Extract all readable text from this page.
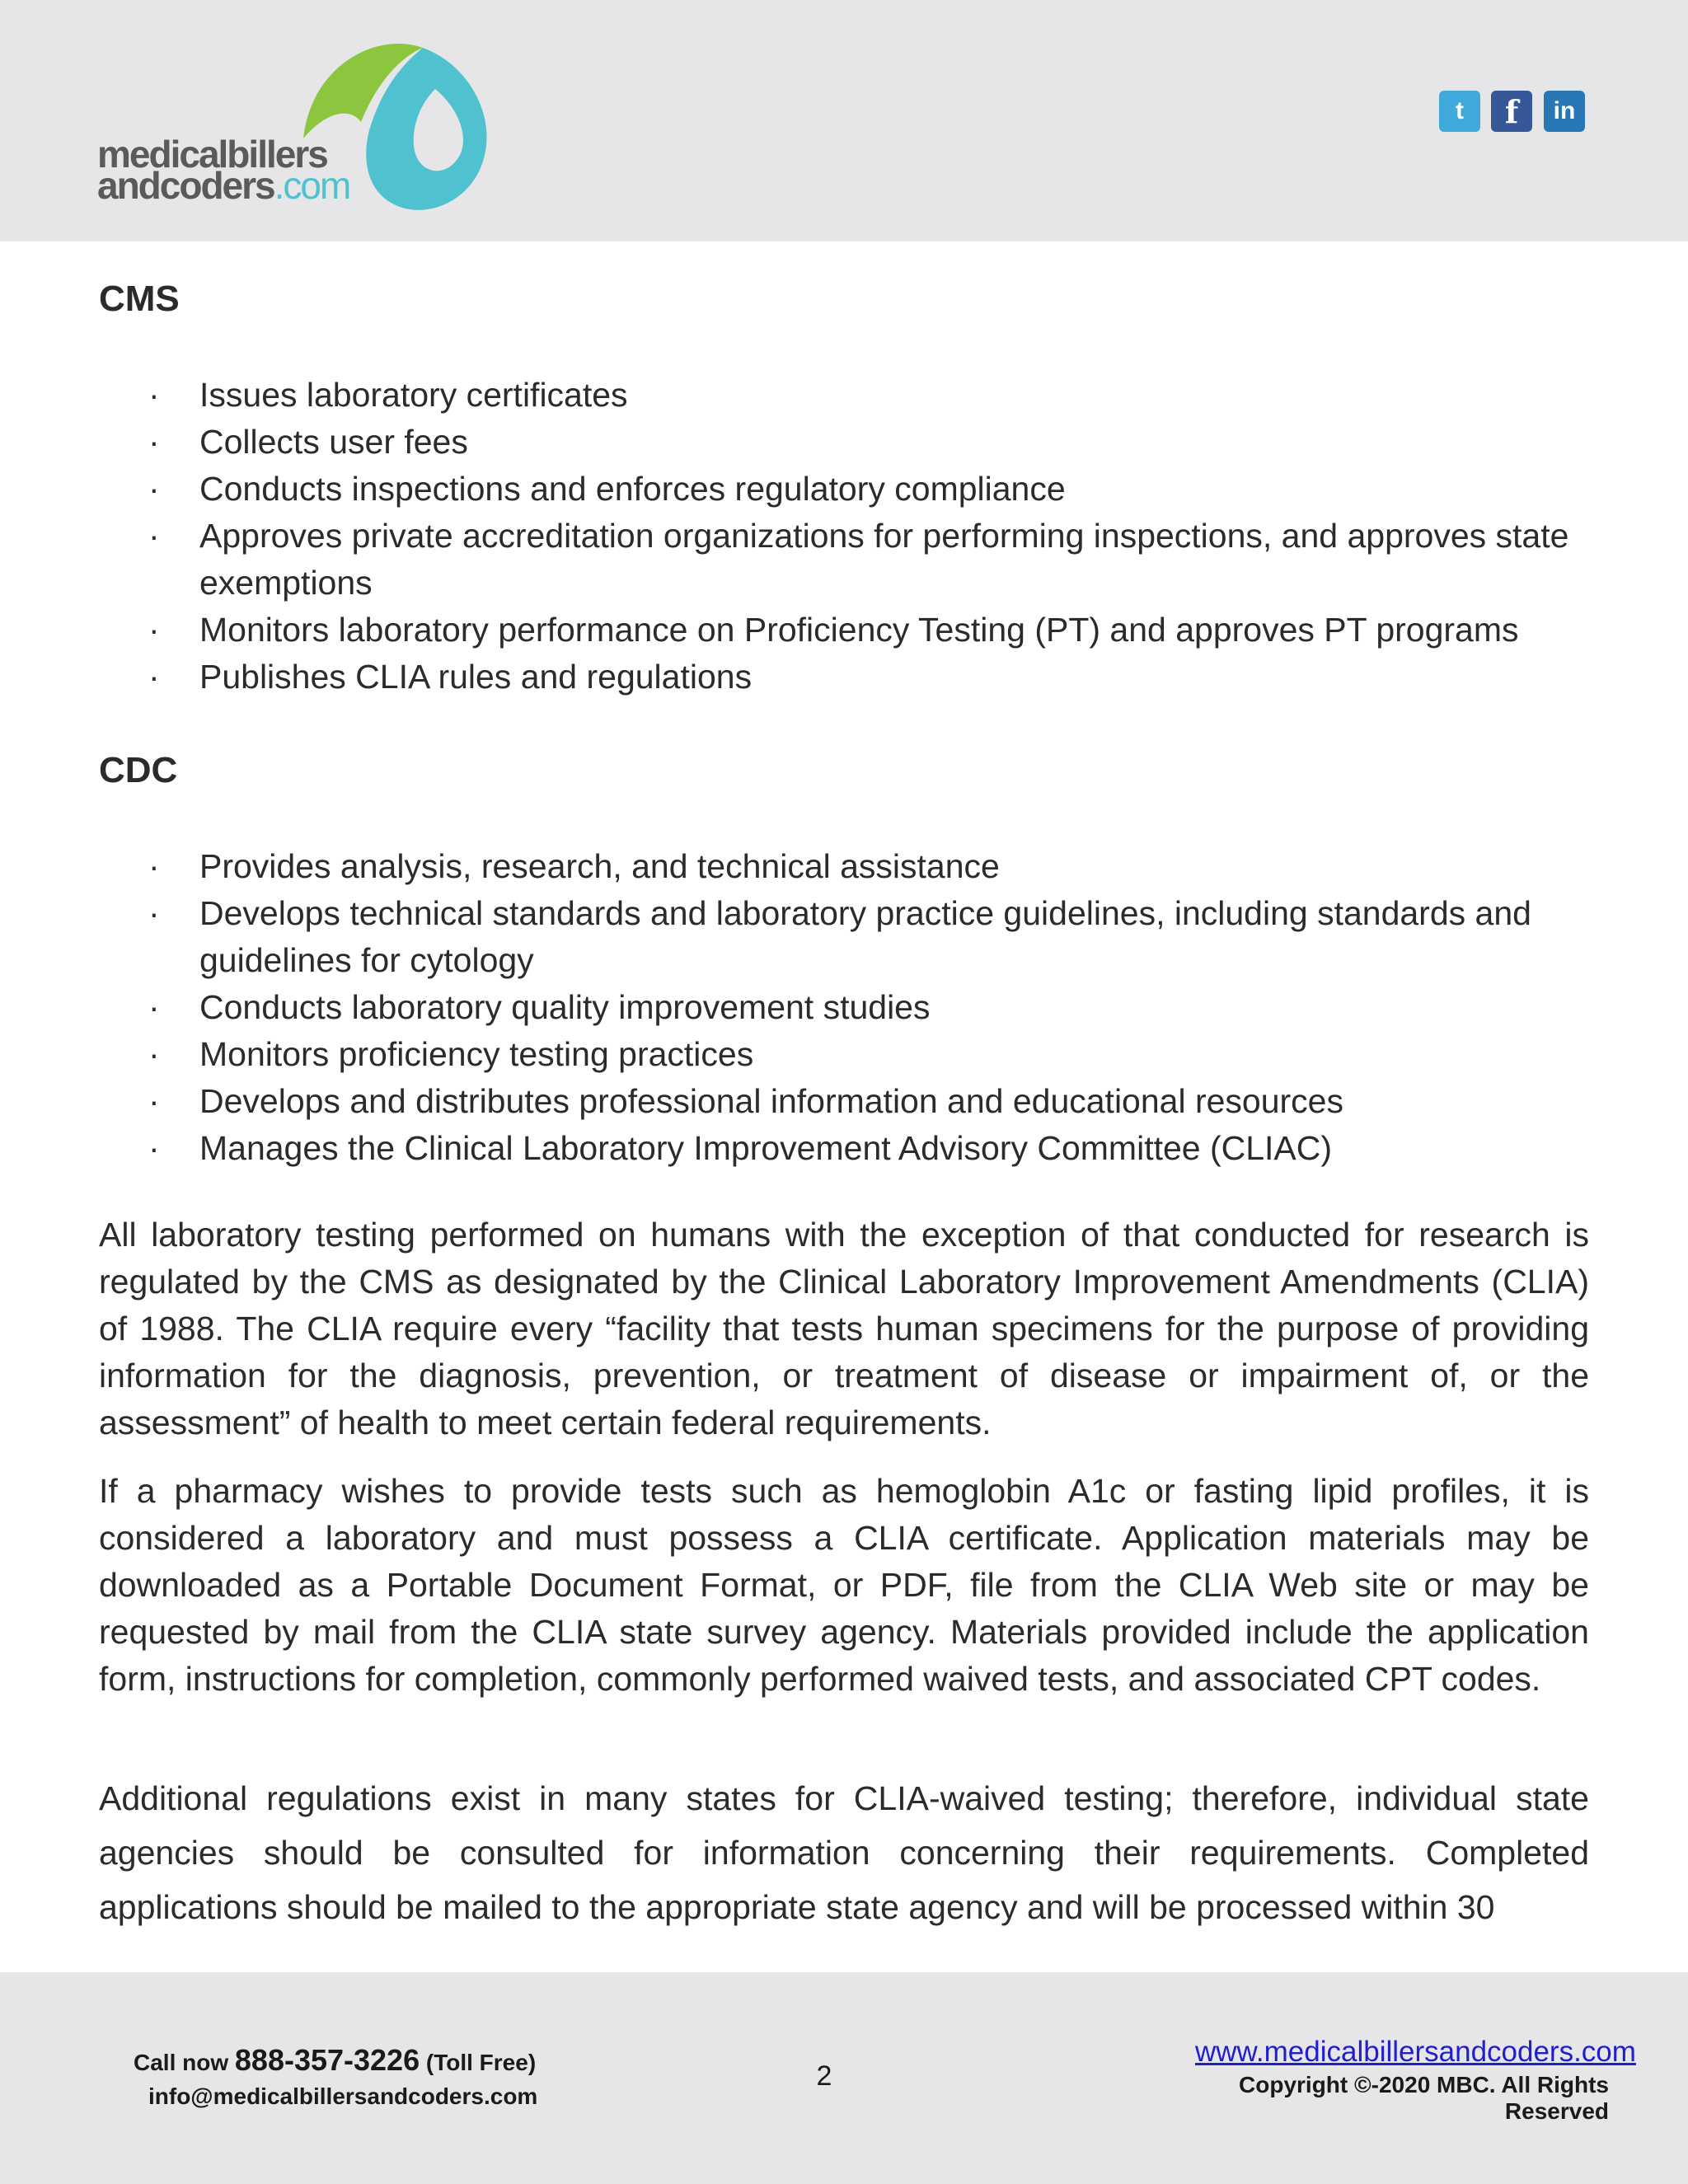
medicalbillers
andcoders.com
t	f	in
CMS
· Issues laboratory certificates
· Collects user fees
· Conducts inspections and enforces regulatory compliance
· Approves private accreditation organizations for performing inspections, and approves state exemptions
· Monitors laboratory performance on Proficiency Testing (PT) and approves PT programs
· Publishes CLIA rules and regulations
CDC
· Provides analysis, research, and technical assistance
· Develops technical standards and laboratory practice guidelines, including standards and guidelines for cytology
· Conducts laboratory quality improvement studies
· Monitors proficiency testing practices
· Develops and distributes professional information and educational resources
· Manages the Clinical Laboratory Improvement Advisory Committee (CLIAC)

All laboratory testing performed on humans with the exception of that conducted for research is regulated by the CMS as designated by the Clinical Laboratory Improvement Amendments (CLIA) of 1988. The CLIA require every “facility that tests human specimens for the purpose of providing information for the diagnosis, prevention, or treatment of disease or impairment of, or the assessment” of health to meet certain federal requirements.

If a pharmacy wishes to provide tests such as hemoglobin A1c or fasting lipid profiles, it is considered a laboratory and must possess a CLIA certificate. Application materials may be downloaded as a Portable Document Format, or PDF, file from the CLIA Web site or may be requested by mail from the CLIA state survey agency. Materials provided include the application form, instructions for completion, commonly performed waived tests, and associated CPT codes.

Additional regulations exist in many states for CLIA-waived testing; therefore, individual state agencies should be consulted for information concerning their requirements. Completed applications should be mailed to the appropriate state agency and will be processed within 30

Call now 888-357-3226 (Toll Free)
info@medicalbillersandcoders.com
2
www.medicalbillersandcoders.com
Copyright ©-2020 MBC. All Rights Reserved
